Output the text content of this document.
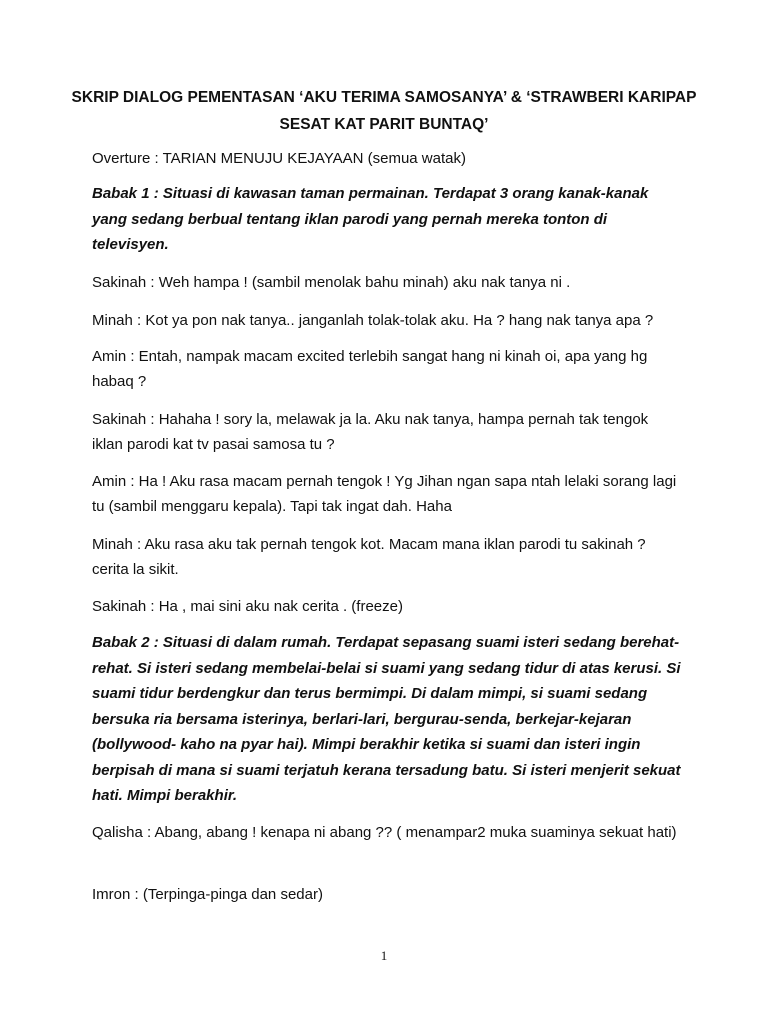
SKRIP DIALOG PEMENTASAN ‘AKU TERIMA SAMOSANYA’ & ‘STRAWBERI KARIPAP SESAT KAT PARIT BUNTAQ’
Overture : TARIAN MENUJU KEJAYAAN (semua watak)
Babak 1 : Situasi di kawasan taman permainan. Terdapat 3 orang kanak-kanak yang sedang berbual tentang iklan parodi yang pernah mereka tonton di televisyen.
Sakinah : Weh hampa ! (sambil menolak bahu minah) aku nak tanya ni .
Minah : Kot ya pon nak tanya.. janganlah tolak-tolak aku. Ha ? hang nak tanya apa ?
Amin : Entah, nampak macam excited terlebih sangat hang ni kinah oi, apa yang hg habaq ?
Sakinah : Hahaha ! sory la, melawak ja la. Aku nak tanya, hampa pernah tak tengok iklan parodi kat tv pasai samosa tu ?
Amin : Ha ! Aku rasa macam pernah tengok ! Yg Jihan ngan sapa ntah lelaki sorang lagi tu (sambil menggaru kepala). Tapi tak ingat dah. Haha
Minah : Aku rasa aku tak pernah tengok kot. Macam mana iklan parodi tu sakinah ? cerita la sikit.
Sakinah : Ha , mai sini aku nak cerita . (freeze)
Babak 2 : Situasi di dalam rumah. Terdapat sepasang suami isteri sedang berehat-rehat. Si isteri sedang membelai-belai si suami yang sedang tidur di atas kerusi. Si suami tidur berdengkur dan terus bermimpi. Di dalam mimpi, si suami sedang bersuka ria bersama isterinya, berlari-lari, bergurau-senda, berkejar-kejaran (bollywood- kaho na pyar hai). Mimpi berakhir ketika si suami dan isteri ingin berpisah di mana si suami terjatuh kerana tersadung batu. Si isteri menjerit sekuat hati. Mimpi berakhir.
Qalisha : Abang, abang ! kenapa ni abang ?? ( menampar2 muka suaminya sekuat hati)
Imron : (Terpinga-pinga dan sedar)
1
